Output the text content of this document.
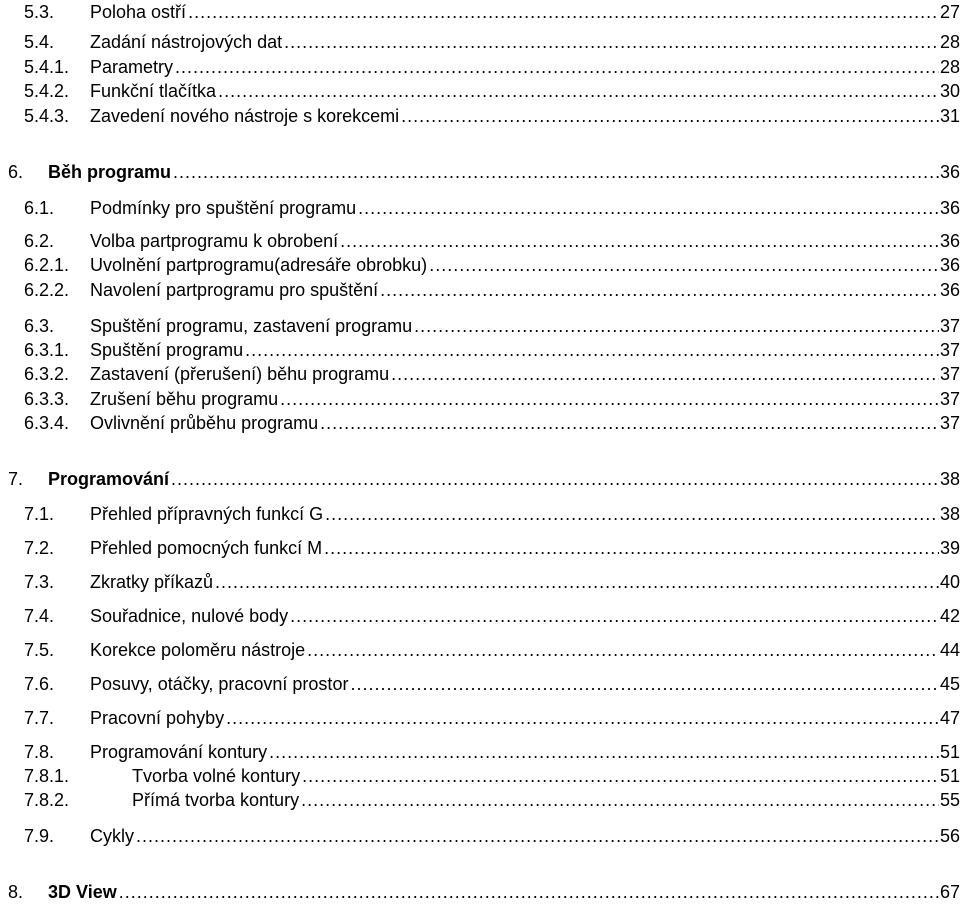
5.3. Poloha ostří .....	27
5.4. Zadání nástrojových dat .....	28
5.4.1. Parametry .....	28
5.4.2. Funkční tlačítka .....	30
5.4.3. Zavedení nového nástroje s korekcemi .....	31
6. Běh programu .....	36
6.1. Podmínky pro spuštění programu .....	36
6.2. Volba partprogramu k obrobení .....	36
6.2.1. Uvolnění partprogramu(adresáře obrobku) .....	36
6.2.2. Navolení partprogramu pro spuštění .....	36
6.3. Spuštění programu, zastavení programu .....	37
6.3.1. Spuštění programu .....	37
6.3.2. Zastavení (přerušení) běhu programu .....	37
6.3.3. Zrušení běhu programu .....	37
6.3.4. Ovlivnění průběhu programu .....	37
7. Programování .....	38
7.1. Přehled přípravných funkcí G .....	38
7.2. Přehled pomocných funkcí M .....	39
7.3. Zkratky příkazů .....	40
7.4. Souřadnice, nulové body .....	42
7.5. Korekce poloměru nástroje .....	44
7.6. Posuvy, otáčky, pracovní prostor .....	45
7.7. Pracovní pohyby .....	47
7.8. Programování kontury .....	51
7.8.1.	Tvorba volné kontury .....	51
7.8.2.	Přímá tvorba kontury .....	55
7.9. Cykly .....	56
8. 3D View .....	67
